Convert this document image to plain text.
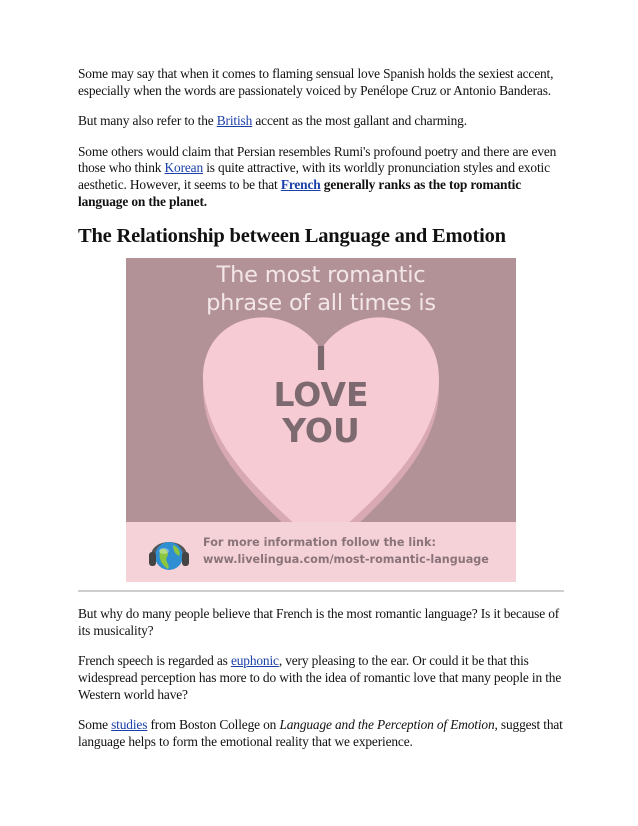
Some may say that when it comes to flaming sensual love Spanish holds the sexiest accent, especially when the words are passionately voiced by Penélope Cruz or Antonio Banderas.

But many also refer to the British accent as the most gallant and charming.

Some others would claim that Persian resembles Rumi's profound poetry and there are even those who think Korean is quite attractive, with its worldly pronunciation styles and exotic aesthetic. However, it seems to be that French generally ranks as the top romantic language on the planet.

The Relationship between Language and Emotion
The most romantic
phrase of all times is
I
LOVE
YOU
For more information follow the link:
www.livelingua.com/most-romantic-language

But why do many people believe that French is the most romantic language? Is it because of its musicality?

French speech is regarded as euphonic, very pleasing to the ear. Or could it be that this widespread perception has more to do with the idea of romantic love that many people in the Western world have?

Some studies from Boston College on Language and the Perception of Emotion, suggest that language helps to form the emotional reality that we experience.
